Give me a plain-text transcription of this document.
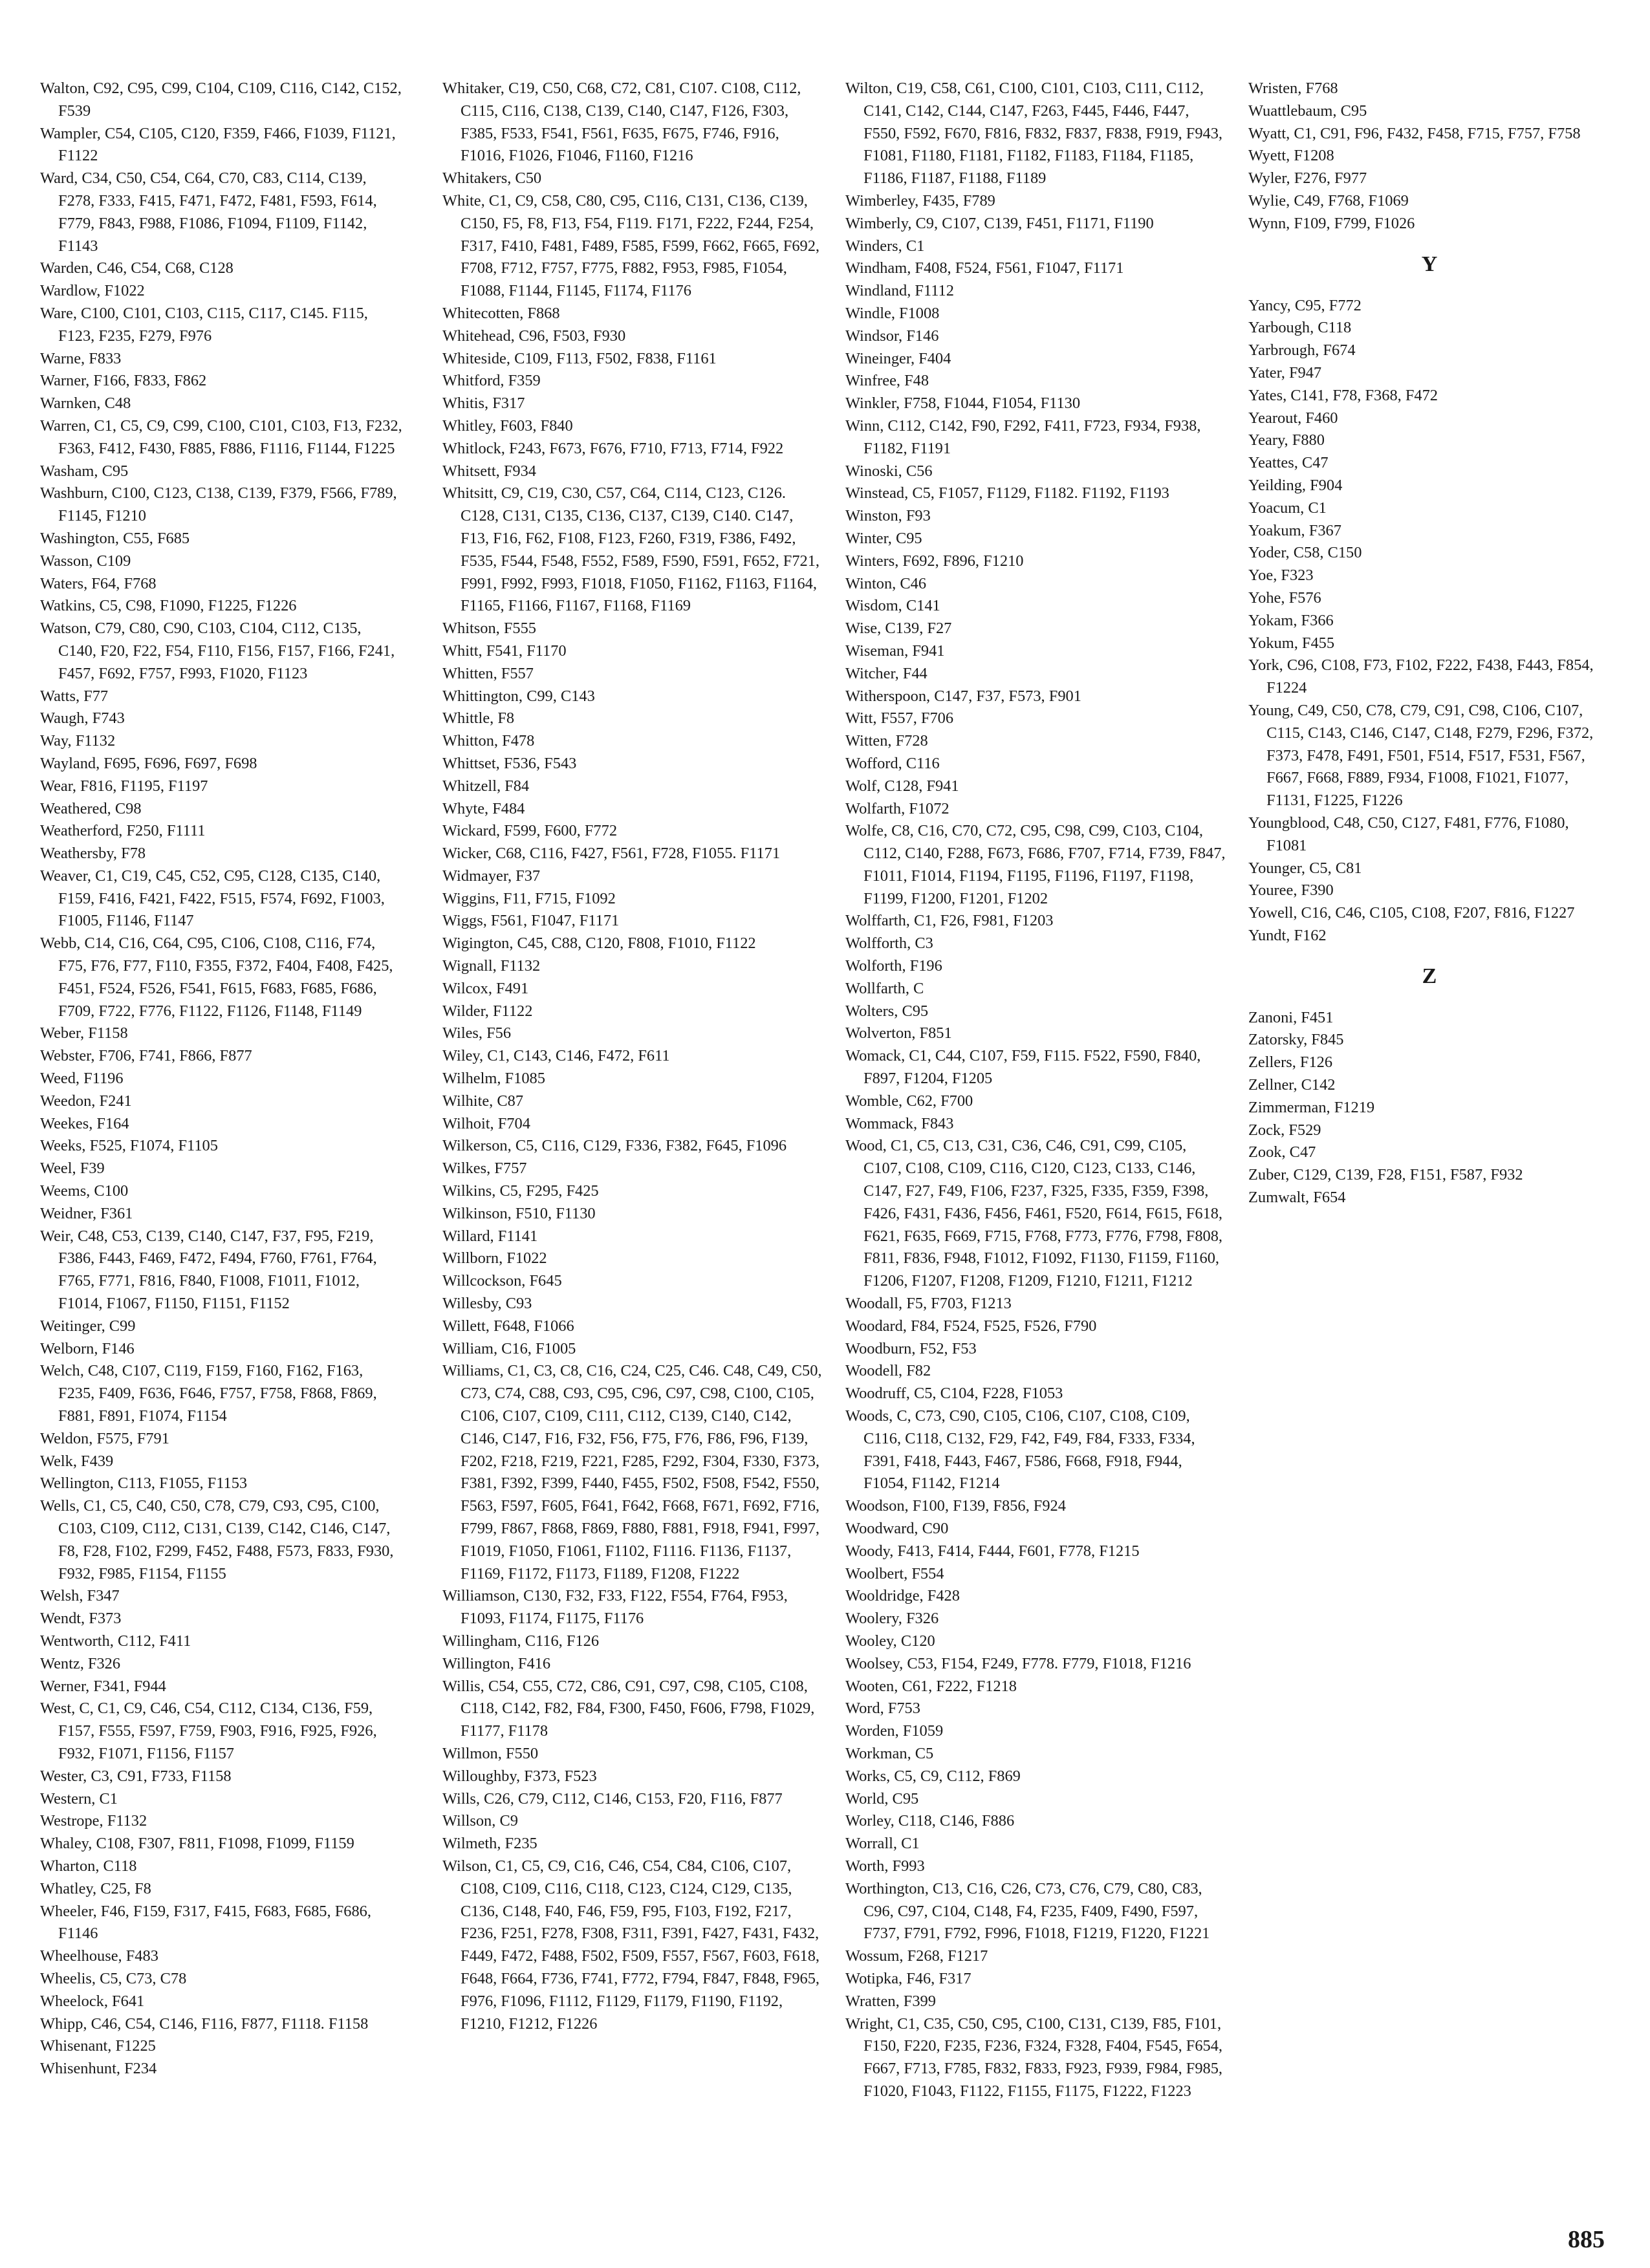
Walton, C92, C95, C99, C104, C109, C116, C142, C152, F539

Wampler, C54, C105, C120, F359, F466, F1039, F1121, F1122

Ward, C34, C50, C54, C64, C70, C83, C114, C139, F278, F333, F415, F471, F472, F481, F593, F614, F779, F843, F988, F1086, F1094, F1109, F1142, F1143

Warden, C46, C54, C68, C128

Wardlow, F1022

Ware, C100, C101, C103, C115, C117, C145. F115, F123, F235, F279, F976

Warne, F833

Warner, F166, F833, F862

Warnken, C48

Warren, C1, C5, C9, C99, C100, C101, C103, F13, F232, F363, F412, F430, F885, F886, F1116, F1144, F1225

Washam, C95

Washburn, C100, C123, C138, C139, F379, F566, F789, F1145, F1210

Washington, C55, F685

Wasson, C109

Waters, F64, F768

Watkins, C5, C98, F1090, F1225, F1226

Watson, C79, C80, C90, C103, C104, C112, C135, C140, F20, F22, F54, F110, F156, F157, F166, F241, F457, F692, F757, F993, F1020, F1123

Watts, F77

Waugh, F743

Way, F1132

Wayland, F695, F696, F697, F698

Wear, F816, F1195, F1197

Weathered, C98

Weatherford, F250, F1111

Weathersby, F78

Weaver, C1, C19, C45, C52, C95, C128, C135, C140, F159, F416, F421, F422, F515, F574, F692, F1003, F1005, F1146, F1147

Webb, C14, C16, C64, C95, C106, C108, C116, F74, F75, F76, F77, F110, F355, F372, F404, F408, F425, F451, F524, F526, F541, F615, F683, F685, F686, F709, F722, F776, F1122, F1126, F1148, F1149

Weber, F1158

Webster, F706, F741, F866, F877

Weed, F1196

Weedon, F241

Weekes, F164

Weeks, F525, F1074, F1105

Weel, F39

Weems, C100

Weidner, F361

Weir, C48, C53, C139, C140, C147, F37, F95, F219, F386, F443, F469, F472, F494, F760, F761, F764, F765, F771, F816, F840, F1008, F1011, F1012, F1014, F1067, F1150, F1151, F1152

Weitinger, C99

Welborn, F146

Welch, C48, C107, C119, F159, F160, F162, F163, F235, F409, F636, F646, F757, F758, F868, F869, F881, F891, F1074, F1154

Weldon, F575, F791

Welk, F439

Wellington, C113, F1055, F1153

Wells, C1, C5, C40, C50, C78, C79, C93, C95, C100, C103, C109, C112, C131, C139, C142, C146, C147, F8, F28, F102, F299, F452, F488, F573, F833, F930, F932, F985, F1154, F1155

Welsh, F347

Wendt, F373

Wentworth, C112, F411

Wentz, F326

Werner, F341, F944

West, C, C1, C9, C46, C54, C112, C134, C136, F59, F157, F555, F597, F759, F903, F916, F925, F926, F932, F1071, F1156, F1157

Wester, C3, C91, F733, F1158

Western, C1

Westrope, F1132

Whaley, C108, F307, F811, F1098, F1099, F1159

Wharton, C118

Whatley, C25, F8

Wheeler, F46, F159, F317, F415, F683, F685, F686, F1146

Wheelhouse, F483

Wheelis, C5, C73, C78

Wheelock, F641

Whipp, C46, C54, C146, F116, F877, F1118. F1158

Whisenant, F1225

Whisenhunt, F234

Whitaker, C19, C50, C68, C72, C81, C107. C108, C112, C115, C116, C138, C139, C140, C147, F126, F303, F385, F533, F541, F561, F635, F675, F746, F916, F1016, F1026, F1046, F1160, F1216

Whitakers, C50

White, C1, C9, C58, C80, C95, C116, C131, C136, C139, C150, F5, F8, F13, F54, F119. F171, F222, F244, F254, F317, F410, F481, F489, F585, F599, F662, F665, F692, F708, F712, F757, F775, F882, F953, F985, F1054, F1088, F1144, F1145, F1174, F1176

Whitecotten, F868

Whitehead, C96, F503, F930

Whiteside, C109, F113, F502, F838, F1161

Whitford, F359

Whitis, F317

Whitley, F603, F840

Whitlock, F243, F673, F676, F710, F713, F714, F922

Whitsett, F934

Whitsitt, C9, C19, C30, C57, C64, C114, C123, C126. C128, C131, C135, C136, C137, C139, C140. C147, F13, F16, F62, F108, F123, F260, F319, F386, F492, F535, F544, F548, F552, F589, F590, F591, F652, F721, F991, F992, F993, F1018, F1050, F1162, F1163, F1164, F1165, F1166, F1167, F1168, F1169

Whitson, F555

Whitt, F541, F1170

Whitten, F557

Whittington, C99, C143

Whittle, F8

Whitton, F478

Whittset, F536, F543

Whitzell, F84

Whyte, F484

Wickard, F599, F600, F772

Wicker, C68, C116, F427, F561, F728, F1055. F1171

Widmayer, F37

Wiggins, F11, F715, F1092

Wiggs, F561, F1047, F1171

Wigington, C45, C88, C120, F808, F1010, F1122

Wignall, F1132

Wilcox, F491

Wilder, F1122

Wiles, F56

Wiley, C1, C143, C146, F472, F611

Wilhelm, F1085

Wilhite, C87

Wilhoit, F704

Wilkerson, C5, C116, C129, F336, F382, F645, F1096

Wilkes, F757

Wilkins, C5, F295, F425

Wilkinson, F510, F1130

Willard, F1141

Willborn, F1022

Willcockson, F645

Willesby, C93

Willett, F648, F1066

William, C16, F1005

Williams, C1, C3, C8, C16, C24, C25, C46. C48, C49, C50, C73, C74, C88, C93, C95, C96, C97, C98, C100, C105, C106, C107, C109, C111, C112, C139, C140, C142, C146, C147, F16, F32, F56, F75, F76, F86, F96, F139, F202, F218, F219, F221, F285, F292, F304, F330, F373, F381, F392, F399, F440, F455, F502, F508, F542, F550, F563, F597, F605, F641, F642, F668, F671, F692, F716, F799, F867, F868, F869, F880, F881, F918, F941, F997, F1019, F1050, F1061, F1102, F1116. F1136, F1137, F1169, F1172, F1173, F1189, F1208, F1222

Williamson, C130, F32, F33, F122, F554, F764, F953, F1093, F1174, F1175, F1176

Willingham, C116, F126

Willington, F416

Willis, C54, C55, C72, C86, C91, C97, C98, C105, C108, C118, C142, F82, F84, F300, F450, F606, F798, F1029, F1177, F1178

Willmon, F550

Willoughby, F373, F523

Wills, C26, C79, C112, C146, C153, F20, F116, F877

Willson, C9

Wilmeth, F235

Wilson, C1, C5, C9, C16, C46, C54, C84, C106, C107, C108, C109, C116, C118, C123, C124, C129, C135, C136, C148, F40, F46, F59, F95, F103, F192, F217, F236, F251, F278, F308, F311, F391, F427, F431, F432, F449, F472, F488, F502, F509, F557, F567, F603, F618, F648, F664, F736, F741, F772, F794, F847, F848, F965, F976, F1096, F1112, F1129, F1179, F1190, F1192, F1210, F1212, F1226

Wilton, C19, C58, C61, C100, C101, C103, C111, C112, C141, C142, C144, C147, F263, F445, F446, F447, F550, F592, F670, F816, F832, F837, F838, F919, F943, F1081, F1180, F1181, F1182, F1183, F1184, F1185, F1186, F1187, F1188, F1189

Wimberley, F435, F789

Wimberly, C9, C107, C139, F451, F1171, F1190

Winders, C1

Windham, F408, F524, F561, F1047, F1171

Windland, F1112

Windle, F1008

Windsor, F146

Wineinger, F404

Winfree, F48

Winkler, F758, F1044, F1054, F1130

Winn, C112, C142, F90, F292, F411, F723, F934, F938, F1182, F1191

Winoski, C56

Winstead, C5, F1057, F1129, F1182. F1192, F1193

Winston, F93

Winter, C95

Winters, F692, F896, F1210

Winton, C46

Wisdom, C141

Wise, C139, F27

Wiseman, F941

Witcher, F44

Witherspoon, C147, F37, F573, F901

Witt, F557, F706

Witten, F728

Wofford, C116

Wolf, C128, F941

Wolfarth, F1072

Wolfe, C8, C16, C70, C72, C95, C98, C99, C103, C104, C112, C140, F288, F673, F686, F707, F714, F739, F847, F1011, F1014, F1194, F1195, F1196, F1197, F1198, F1199, F1200, F1201, F1202

Wolffarth, C1, F26, F981, F1203

Wolfforth, C3

Wolforth, F196

Wollfarth, C

Wolters, C95

Wolverton, F851

Womack, C1, C44, C107, F59, F115. F522, F590, F840, F897, F1204, F1205

Womble, C62, F700

Wommack, F843

Wood, C1, C5, C13, C31, C36, C46, C91, C99, C105, C107, C108, C109, C116, C120, C123, C133, C146, C147, F27, F49, F106, F237, F325, F335, F359, F398, F426, F431, F436, F456, F461, F520, F614, F615, F618, F621, F635, F669, F715, F768, F773, F776, F798, F808, F811, F836, F948, F1012, F1092, F1130, F1159, F1160, F1206, F1207, F1208, F1209, F1210, F1211, F1212

Woodall, F5, F703, F1213

Woodard, F84, F524, F525, F526, F790

Woodburn, F52, F53

Woodell, F82

Woodruff, C5, C104, F228, F1053

Woods, C, C73, C90, C105, C106, C107, C108, C109, C116, C118, C132, F29, F42, F49, F84, F333, F334, F391, F418, F443, F467, F586, F668, F918, F944, F1054, F1142, F1214

Woodson, F100, F139, F856, F924

Woodward, C90

Woody, F413, F414, F444, F601, F778, F1215

Woolbert, F554

Wooldridge, F428

Woolery, F326

Wooley, C120

Woolsey, C53, F154, F249, F778. F779, F1018, F1216

Wooten, C61, F222, F1218

Word, F753

Worden, F1059

Workman, C5

Works, C5, C9, C112, F869

World, C95

Worley, C118, C146, F886

Worrall, C1

Worth, F993

Worthington, C13, C16, C26, C73, C76, C79, C80, C83, C96, C97, C104, C148, F4, F235, F409, F490, F597, F737, F791, F792, F996, F1018, F1219, F1220, F1221

Wossum, F268, F1217

Wotipka, F46, F317

Wratten, F399

Wright, C1, C35, C50, C95, C100, C131, C139, F85, F101, F150, F220, F235, F236, F324, F328, F404, F545, F654, F667, F713, F785, F832, F833, F923, F939, F984, F985, F1020, F1043, F1122, F1155, F1175, F1222, F1223

Wristen, F768

Wuattlebaum, C95

Wyatt, C1, C91, F96, F432, F458, F715, F757, F758

Wyett, F1208

Wyler, F276, F977

Wylie, C49, F768, F1069

Wynn, F109, F799, F1026

Y

Yancy, C95, F772

Yarbough, C118

Yarbrough, F674

Yater, F947

Yates, C141, F78, F368, F472

Yearout, F460

Yeary, F880

Yeattes, C47

Yeilding, F904

Yoacum, C1

Yoakum, F367

Yoder, C58, C150

Yoe, F323

Yohe, F576

Yokam, F366

Yokum, F455

York, C96, C108, F73, F102, F222, F438, F443, F854, F1224

Young, C49, C50, C78, C79, C91, C98, C106, C107, C115, C143, C146, C147, C148, F279, F296, F372, F373, F478, F491, F501, F514, F517, F531, F567, F667, F668, F889, F934, F1008, F1021, F1077, F1131, F1225, F1226

Youngblood, C48, C50, C127, F481, F776, F1080, F1081

Younger, C5, C81

Youree, F390

Yowell, C16, C46, C105, C108, F207, F816, F1227

Yundt, F162

Z

Zanoni, F451

Zatorsky, F845

Zellers, F126

Zellner, C142

Zimmerman, F1219

Zock, F529

Zook, C47

Zuber, C129, C139, F28, F151, F587, F932

Zumwalt, F654

885
